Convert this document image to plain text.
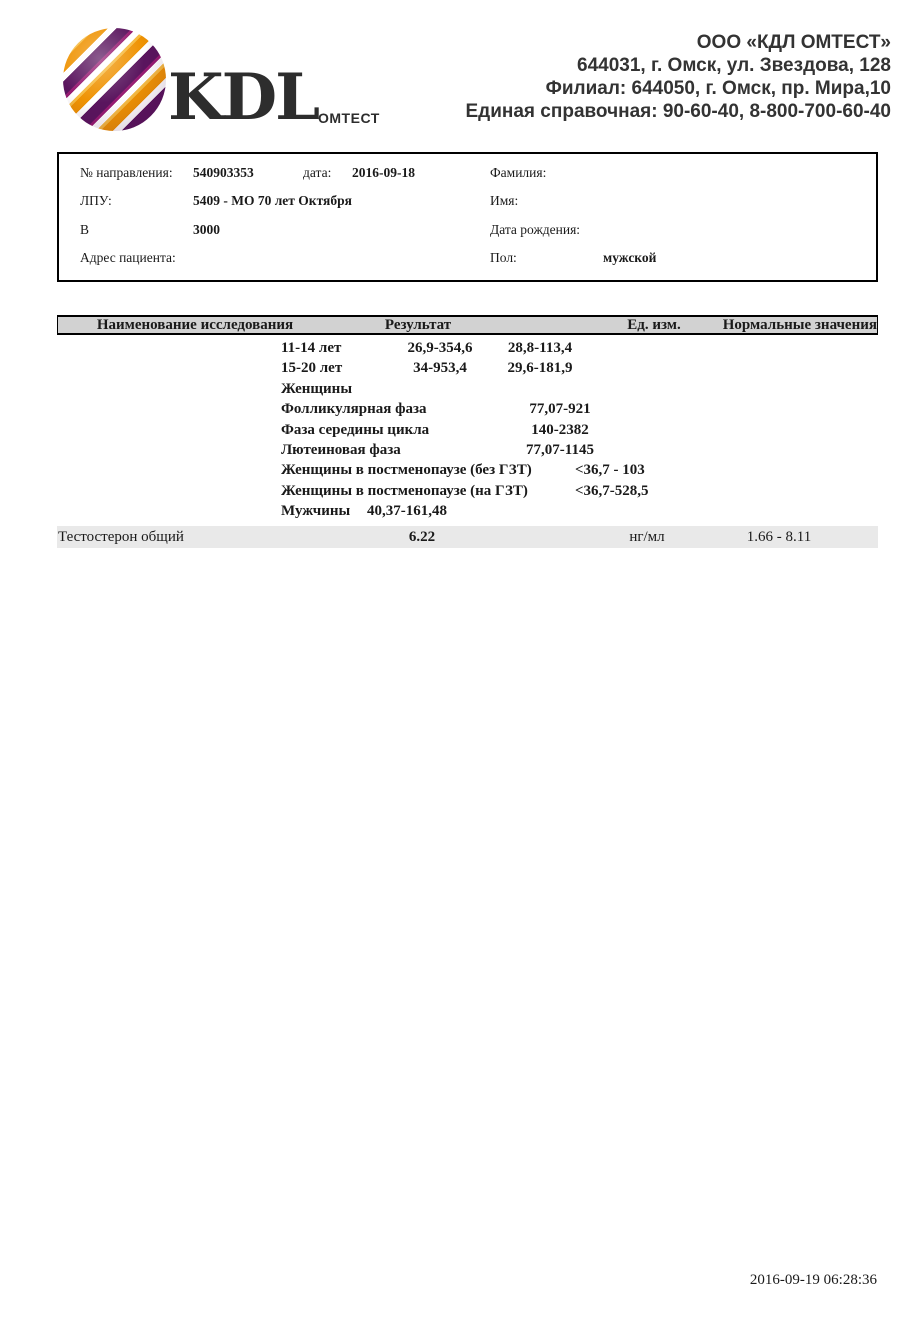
KDL ОМТЕСТ
ООО «КДЛ ОМТЕСТ»
644031, г. Омск, ул. Звездова, 128
Филиал: 644050, г. Омск, пр. Мира,10
Единая справочная: 90-60-40, 8-800-700-60-40
№ направления: 540903353	дата: 2016-09-18
ЛПУ:	5409 - МО 70 лет Октября
В	3000
Адрес пациента:
Фамилия:
Имя:
Дата рождения:
Пол:	мужской
Наименование исследования	Результат	Ед. изм.	Нормальные значения
11-14 лет	26,9-354,6	28,8-113,4
15-20 лет	34-953,4	29,6-181,9
Женщины
Фолликулярная фаза	77,07-921
Фаза середины цикла	140-2382
Лютеиновая фаза	77,07-1145
Женщины в постменопаузе (без ГЗТ)	<36,7 - 103
Женщины в постменопаузе (на ГЗТ)	<36,7-528,5
Мужчины 40,37-161,48
Тестостерон общий	6.22	нг/мл	1.66 - 8.11
2016-09-19 06:28:36
